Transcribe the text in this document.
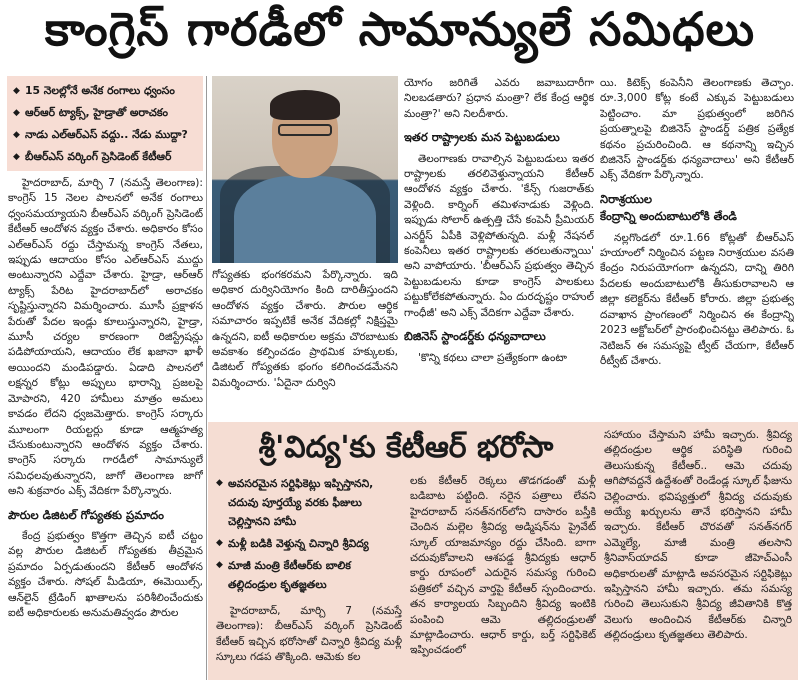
కాంగ్రెస్ గారడీలో సామాన్యులే సమిధలు
◆ 15 నెలల్లోనే అనేక రంగాలు ధ్వంసం
◆ ఆర్ఆర్ ట్యాక్స్, హైడ్రాతో అరాచకం
◆ నాడు ఎల్ఆర్ఎస్ వద్దు.. నేడు ముద్దా?
◆ బీఆర్ఎస్ వర్కింగ్ ప్రెసిడెంట్ కేటీఆర్

హైదరాబాద్, మార్చి 7 (నమస్తే తెలంగాణ): కాంగ్రెస్ 15 నెలల పాలనలో అనేక రంగాలు ధ్వంసమయ్యాయని బీఆర్ఎస్ వర్కింగ్ ప్రెసిడెంట్ కేటీఆర్ ఆందోళన వ్యక్తం చేశారు. అధికారం కోసం ఎల్ఆర్ఎస్ రద్దు చేస్తామన్న కాంగ్రెస్ నేతలు, ఇప్పుడు ఆదాయం కోసం ఎల్ఆర్ఎస్ ముద్దు అంటున్నారని ఎద్దేవా చేశారు. హైడ్రా, ఆర్ఆర్ ట్యాక్స్ పేరిట హైదరాబాద్‌లో అరాచకం సృష్టిస్తున్నారని విమర్శించారు. మూసీ ప్రక్షాళన పేరుతో పేదల ఇండ్లు కూలుస్తున్నారని, హైడ్రా, మూసీ చర్యల కారణంగా రిజిస్ట్రేషన్లు పడిపోయాయని, ఆదాయం లేక ఖజానా ఖాళీ అయిందని మండిపడ్డారు. ఏడాది పాలనలో లక్షన్నర కోట్లు అప్పులు భారాన్ని ప్రజలపై మోపారని, 420 హామీలు మాత్రం అమలు కావడం లేదని ధ్వజమెత్తారు. కాంగ్రెస్ సర్కారు మూలంగా రియల్టర్లు కూడా ఆత్మహత్య చేసుకుంటున్నారని ఆందోళన వ్యక్తం చేశారు. కాంగ్రెస్ సర్కారు గారడీలో సామాన్యులే సమిధలవుతున్నారని, జాగో తెలంగాణ జాగో అని శుక్రవారం ఎక్స్ వేదికగా పేర్కొన్నారు.

పౌరుల డిజిటల్ గోప్యతకు ప్రమాదం

కేంద్ర ప్రభుత్వం కొత్తగా తెచ్చిన ఐటీ చట్టం వల్ల పౌరుల డిజిటల్ గోప్యతకు తీవ్రమైన ప్రమాదం ఏర్పడుతుందని కేటీఆర్ ఆందోళన వ్యక్తం చేశారు. సోషల్ మీడియా, ఈమెయిల్స్, ఆన్‌లైన్ ట్రేడింగ్ ఖాతాలను పరిశీలించేందుకు ఐటీ అధికారులకు అనుమతివ్వడం పౌరుల

గోప్యతకు భంగకరమని పేర్కొన్నారు. ఇది అధికార దుర్వినియోగం కింది దారితీస్తుందని ఆందోళన వ్యక్తం చేశారు. పౌరుల ఆర్థిక సమాచారం ఇప్పటికే అనేక వేదికల్లో నిక్షిప్తమై ఉన్నదని, ఐటీ అధికారుల అక్రమ చొరబాటుకు అవకాశం కల్పించడం ప్రాథమిక హక్కులకు, డిజిటల్ గోప్యతకు భంగం కలిగించడమేనని విమర్శించారు. 'ఏదైనా దుర్విని

యోగం జరిగితే ఎవరు జవాబుదారీగా నిలబడతారు? ప్రధాన మంత్రా? లేక కేంద్ర ఆర్థిక మంత్రా?' అని నిలదీశారు.

ఇతర రాష్ట్రాలకు మన పెట్టుబడులు

తెలంగాణకు రావాల్సిన పెట్టుబడులు ఇతర రాష్ట్రాలకు తరలివెళ్తున్నాయని కేటీఆర్ ఆందోళన వ్యక్తం చేశారు. 'కేన్స్ గుజరాత్‌కు వెళ్లింది. కార్నింగ్ తమిళనాడుకు వెళ్లింది. ఇప్పుడు సోలార్ ఉత్పత్తి చేసే కంపెనీ ప్రీమియర్ ఎనర్జీస్ ఏపీకి వెళ్లిపోతున్నది. మళ్లీ నేషనల్ కంపెనీలు ఇతర రాష్ట్రాలకు తరలుతున్నాయి' అని వాపోయారు. 'బీఆర్ఎస్ ప్రభుత్వం తెచ్చిన పెట్టుబడులను కూడా కాంగ్రెస్ పాలకులు పట్టుకోలేకపోతున్నారు. ఏం దురదృష్టం రాహుల్ గాంధీజీ' అని ఎక్స్ వేదికగా ఎద్దేవా చేశారు.

బిజినెస్ స్టాండర్డ్‌కు ధన్యవాదాలు

'కొన్ని కథలు చాలా ప్రత్యేకంగా ఉంటా

యి. కిటెక్స్ కంపెనీని తెలంగాణకు తెచ్చాం. రూ.3,000 కోట్ల కంటే ఎక్కువ పెట్టుబడులు పెట్టించాం. మా ప్రభుత్వంలో జరిగిన ప్రయత్నాలపై బిజినెస్ స్టాండర్డ్ పత్రిక ప్రత్యేక కథనం ప్రచురించింది. ఆ కథనాన్ని ఇచ్చిన బిజినెస్ స్టాండర్డ్‌కు ధన్యవాదాలు' అని కేటీఆర్ ఎక్స్ వేదికగా పేర్కొన్నారు.

నిరాశ్రయుల
కేంద్రాన్ని అందుబాటులోకి తేండి

నల్లగొండలో రూ.1.66 కోట్లతో బీఆర్ఎస్ హయాంలో నిర్మించిన పట్టణ నిరాశ్రయుల వసతి కేంద్రం నిరుపయోగంగా ఉన్నదని, దాన్ని తిరిగి పేదలకు అందుబాటులోకి తీసుకురావాలని ఆ జిల్లా కలెక్టర్‌ను కేటీఆర్ కోరారు. జిల్లా ప్రభుత్వ దవాఖాన ప్రాంగణంలో నిర్మించిన ఈ కేంద్రాన్ని 2023 అక్టోబర్‌లో ప్రారంభించినట్టు తెలిపారు. ఓ నెటిజన్ ఈ సమస్యపై ట్వీట్ చేయగా, కేటీఆర్ రీట్వీట్ చేశారు.

శ్రీ'విద్య'కు కేటీఆర్ భరోసా
◆ అవసరమైన సర్టిఫికెట్లు ఇప్పిస్తానని, చదువు పూర్తయ్యే వరకు ఫీజులు చెల్లిస్తానని హామీ
◆ మళ్లీ బడికి వెళ్తున్న చిన్నారి శ్రీవిద్య
◆ మాజీ మంత్రి కేటీఆర్‌కు బాలిక తల్లిదండ్రుల కృతజ్ఞతలు

హైదరాబాద్, మార్చి 7 (నమస్తే తెలంగాణ): బీఆర్ఎస్ వర్కింగ్ ప్రెసిడెంట్ కేటీఆర్ ఇచ్చిన భరోసాతో చిన్నారి శ్రీవిద్య మళ్లీ స్కూలు గడప తొక్కింది. ఆమెకు కల

లకు కేటీఆర్ రెక్కలు తొడగడంతో మళ్లీ బడిబాట పట్టింది. నరైన పత్రాలు లేవని హైదరాబాద్ సనత్‌నగర్‌లోని దాసారం బస్తీకి చెందిన మల్లెల శ్రీవిద్య అడ్మిషన్‌ను ప్రైవేట్ స్కూల్ యాజమాన్యం రద్దు చేసింది. బాగా చదువుకోవాలని ఆశపడ్డ శ్రీవిద్యకు ఆధార్ కార్డు రూపంలో ఎదురైన సమస్య గురించి పత్రికలో వచ్చిన వార్తపై కేటీఆర్ స్పందించారు. తన కార్యాలయ సిబ్బందిని శ్రీవిద్య ఇంటికి పంపించి ఆమె తల్లిదండ్రులతో మాట్లాడించారు. ఆధార్ కార్డు, బర్త్ సర్టిఫికెట్ ఇప్పించడంలో

సహాయం చేస్తామని హామీ ఇచ్చారు. శ్రీవిద్య తల్లిదండ్రుల ఆర్థిక పరిస్థితి గురించి తెలుసుకున్న కేటీఆర్.. ఆమె చదువు ఆగిపోవద్దనే ఉద్దేశంతో రెండేండ్ల స్కూల్ ఫీజును చెల్లించారు. భవిష్యత్తులో శ్రీవిద్య చదువుకు అయ్యే ఖర్చులను తానే భరిస్తానని హామీ ఇచ్చారు. కేటీఆర్ చొరవతో సనత్‌నగర్ ఎమ్మెల్యే, మాజీ మంత్రి తలసాని శ్రీనివాస్‌యాదవ్ కూడా జీహెచ్ఎంసీ అధికారులతో మాట్లాడి అవసరమైన సర్టిఫికెట్లు ఇప్పిస్తానని హామీ ఇచ్చారు. తమ సమస్య గురించి తెలుసుకుని శ్రీవిద్య జీవితానికి కొత్త వెలుగు అందించిన కేటీఆర్‌కు చిన్నారి తల్లిదండ్రులు కృతజ్ఞతలు తెలిపారు.
